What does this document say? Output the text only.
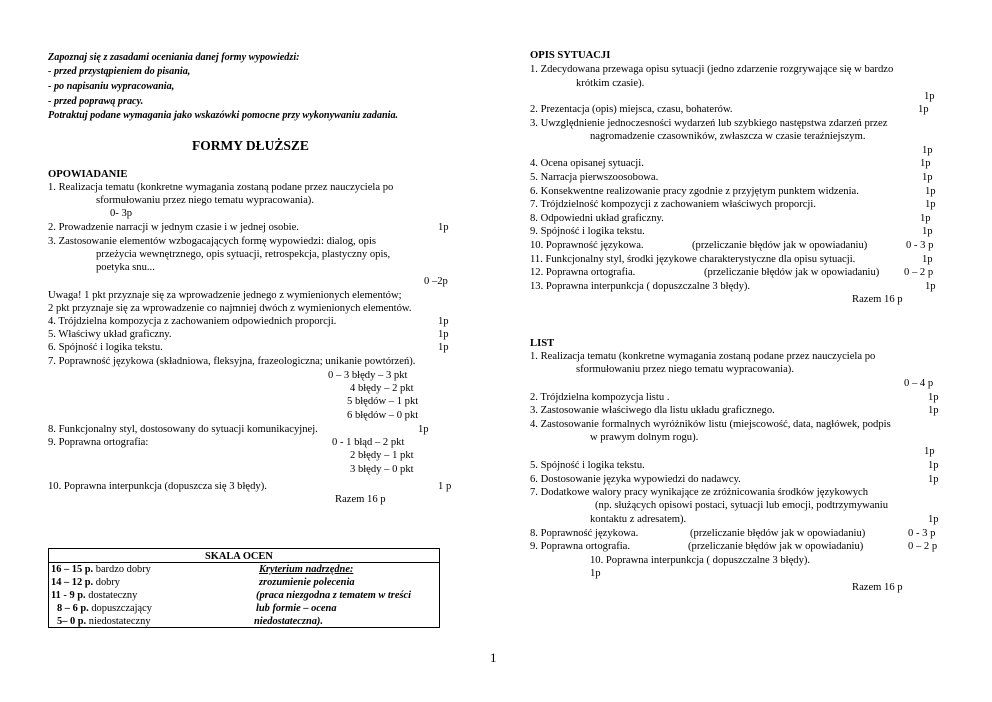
Zapoznaj się z zasadami oceniania danej formy wypowiedzi:
- przed przystąpieniem do pisania,
- po napisaniu wypracowania,
- przed poprawą pracy.
Potraktuj podane wymagania jako wskazówki pomocne przy wykonywaniu zadania.
FORMY DŁUŻSZE
OPOWIADANIE
1. Realizacja tematu (konkretne wymagania zostaną podane przez nauczyciela po
sformułowaniu przez niego tematu wypracowania).
0- 3p
2. Prowadzenie narracji w jednym czasie i w jednej osobie.	1p
3. Zastosowanie elementów wzbogacających formę wypowiedzi: dialog, opis
przeżycia wewnętrznego, opis sytuacji, retrospekcja, plastyczny opis,
poetyka snu...
0 –2p
Uwaga! 1 pkt przyznaje się za wprowadzenie jednego z wymienionych elementów;
2 pkt przyznaje się za wprowadzenie co najmniej dwóch z wymienionych elementów.
4. Trójdzielna kompozycja z zachowaniem odpowiednich proporcji.	1p
5. Właściwy układ graficzny.	1p
6. Spójność i logika tekstu.	1p
7. Poprawność językowa (składniowa, fleksyjna, frazeologiczna; unikanie powtórzeń).
0 – 3 błędy – 3 pkt
4 błędy – 2 pkt
5 błędów – 1 pkt
6 błędów – 0 pkt
8. Funkcjonalny styl, dostosowany do sytuacji komunikacyjnej.	1p
9. Poprawna ortografia:	0 - 1 błąd – 2 pkt
2 błędy – 1 pkt
3 błędy – 0 pkt
10. Poprawna interpunkcja (dopuszcza się 3 błędy).	1 p
Razem 16 p
SKALA OCEN
16 – 15 p. bardzo dobry
14 – 12 p. dobry
11 - 9 p. dostateczny
8 – 6 p. dopuszczający
5– 0 p. niedostateczny
Kryterium nadrzędne:
zrozumienie polecenia
(praca niezgodna z tematem w treści
lub formie – ocena
niedostateczna).
OPIS SYTUACJI
1. Zdecydowana przewaga opisu sytuacji (jedno zdarzenie rozgrywające się w bardzo
krótkim czasie).
1p
2. Prezentacja (opis) miejsca, czasu, bohaterów.	1p
3. Uwzględnienie jednoczesności wydarzeń lub szybkiego następstwa zdarzeń przez
nagromadzenie czasowników, zwłaszcza w czasie teraźniejszym.
1p
4. Ocena opisanej sytuacji.	1p
5. Narracja pierwszoosobowa.	1p
6. Konsekwentne realizowanie pracy zgodnie z przyjętym punktem widzenia.	1p
7. Trójdzielność kompozycji z zachowaniem właściwych proporcji.	1p
8. Odpowiedni układ graficzny.	1p
9. Spójność i logika tekstu.	1p
10. Poprawność językowa.	(przeliczanie błędów jak w opowiadaniu)	0 - 3 p
11. Funkcjonalny styl, środki językowe charakterystyczne dla opisu sytuacji.	1p
12. Poprawna ortografia.	(przeliczanie błędów jak w opowiadaniu) 0 – 2 p
13. Poprawna interpunkcja ( dopuszczalne 3 błędy).	1p
Razem 16 p
LIST
1. Realizacja tematu (konkretne wymagania zostaną podane przez nauczyciela po
sformułowaniu przez niego tematu wypracowania).
0 – 4 p
2. Trójdzielna kompozycja listu .	1p
3. Zastosowanie właściwego dla listu układu graficznego.	1p
4. Zastosowanie formalnych wyróżników listu (miejscowość, data, nagłówek, podpis
w prawym dolnym rogu).
1p
5. Spójność i logika tekstu.	1p
6. Dostosowanie języka wypowiedzi do nadawcy.	1p
7. Dodatkowe walory pracy wynikające ze zróżnicowania środków językowych
(np. służących opisowi postaci, sytuacji lub emocji, podtrzymywaniu
kontaktu z adresatem).	1p
8. Poprawność językowa.	(przeliczanie błędów jak w opowiadaniu)	0 - 3 p
9. Poprawna ortografia.	(przeliczanie błędów jak w opowiadaniu)	0 – 2 p
10. Poprawna interpunkcja ( dopuszczalne 3 błędy).
1p
Razem 16 p
1
